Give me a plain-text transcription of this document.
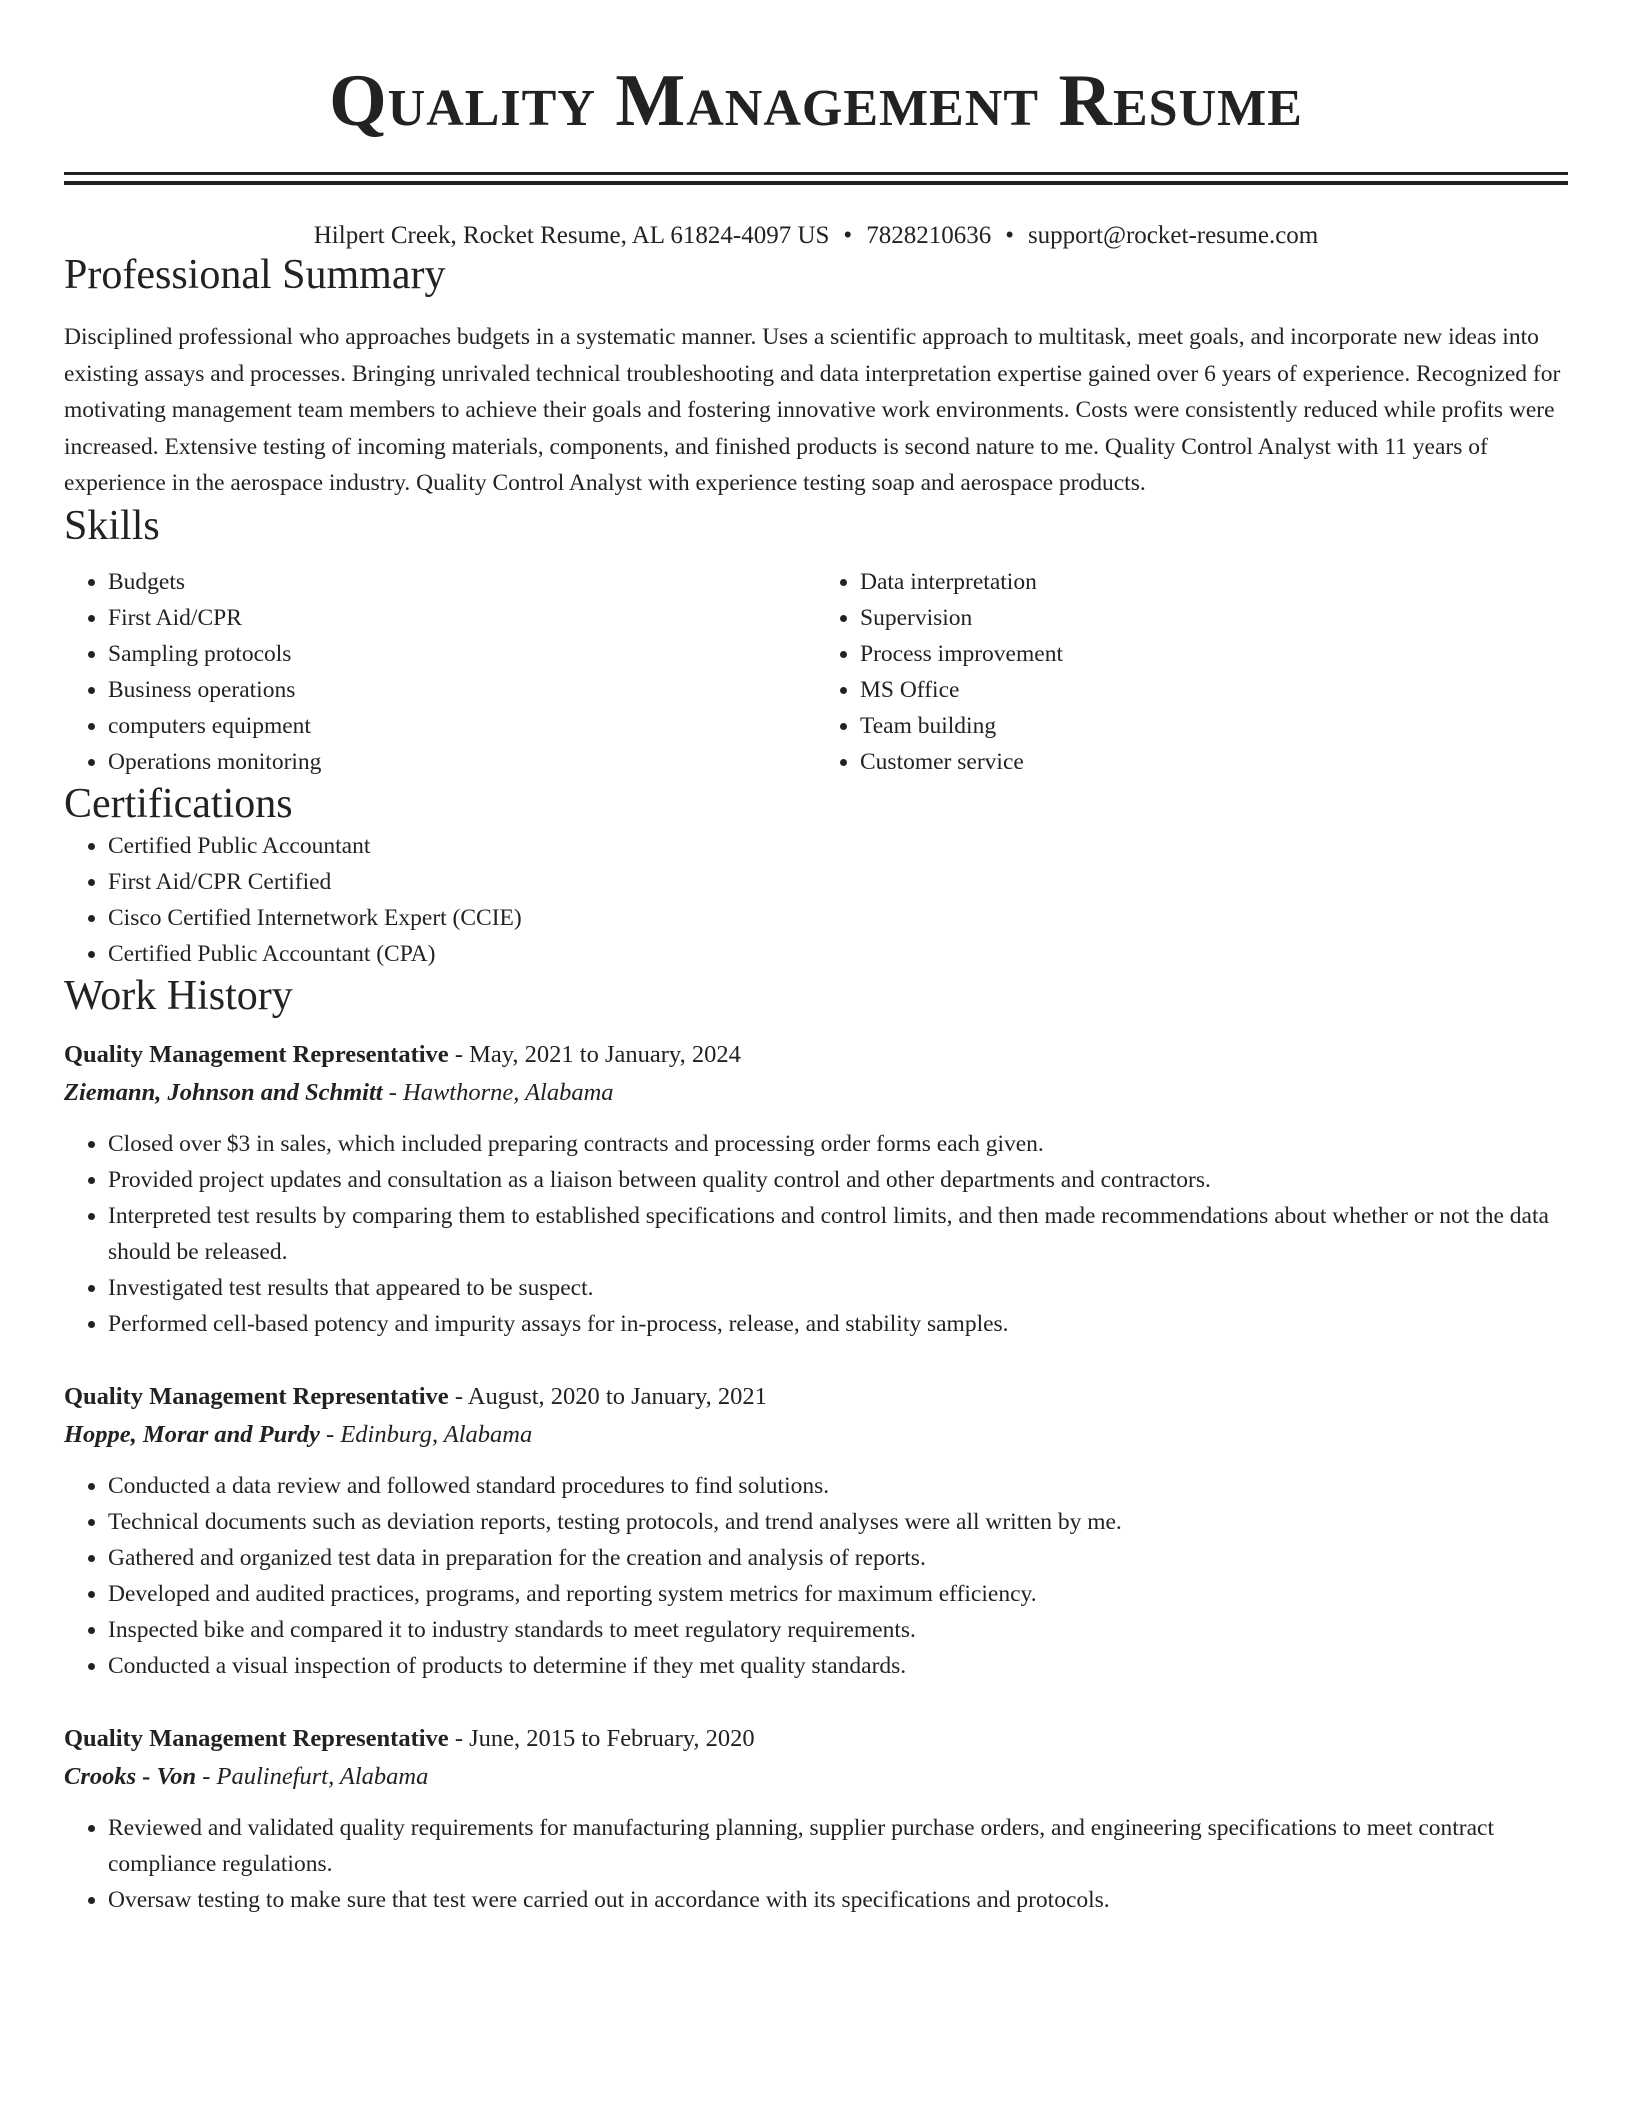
Quality Management Resume
Hilpert Creek, Rocket Resume, AL 61824-4097 US • 7828210636 • support@rocket-resume.com
Professional Summary

Disciplined professional who approaches budgets in a systematic manner. Uses a scientific approach to multitask, meet goals, and incorporate new ideas into existing assays and processes. Bringing unrivaled technical troubleshooting and data interpretation expertise gained over 6 years of experience. Recognized for motivating management team members to achieve their goals and fostering innovative work environments. Costs were consistently reduced while profits were increased. Extensive testing of incoming materials, components, and finished products is second nature to me. Quality Control Analyst with 11 years of experience in the aerospace industry. Quality Control Analyst with experience testing soap and aerospace products.

Skills
• Budgets
• First Aid/CPR
• Sampling protocols
• Business operations
• computers equipment
• Operations monitoring
• Data interpretation
• Supervision
• Process improvement
• MS Office
• Team building
• Customer service
Certifications
• Certified Public Accountant
• First Aid/CPR Certified
• Cisco Certified Internetwork Expert (CCIE)
• Certified Public Accountant (CPA)
Work History
Quality Management Representative - May, 2021 to January, 2024
Ziemann, Johnson and Schmitt - Hawthorne, Alabama
• Closed over $3 in sales, which included preparing contracts and processing order forms each given.
• Provided project updates and consultation as a liaison between quality control and other departments and contractors.
• Interpreted test results by comparing them to established specifications and control limits, and then made recommendations about whether or not the data should be released.
• Investigated test results that appeared to be suspect.
• Performed cell-based potency and impurity assays for in-process, release, and stability samples.
Quality Management Representative - August, 2020 to January, 2021
Hoppe, Morar and Purdy - Edinburg, Alabama
• Conducted a data review and followed standard procedures to find solutions.
• Technical documents such as deviation reports, testing protocols, and trend analyses were all written by me.
• Gathered and organized test data in preparation for the creation and analysis of reports.
• Developed and audited practices, programs, and reporting system metrics for maximum efficiency.
• Inspected bike and compared it to industry standards to meet regulatory requirements.
• Conducted a visual inspection of products to determine if they met quality standards.
Quality Management Representative - June, 2015 to February, 2020
Crooks - Von - Paulinefurt, Alabama
• Reviewed and validated quality requirements for manufacturing planning, supplier purchase orders, and engineering specifications to meet contract compliance regulations.
• Oversaw testing to make sure that test were carried out in accordance with its specifications and protocols.
